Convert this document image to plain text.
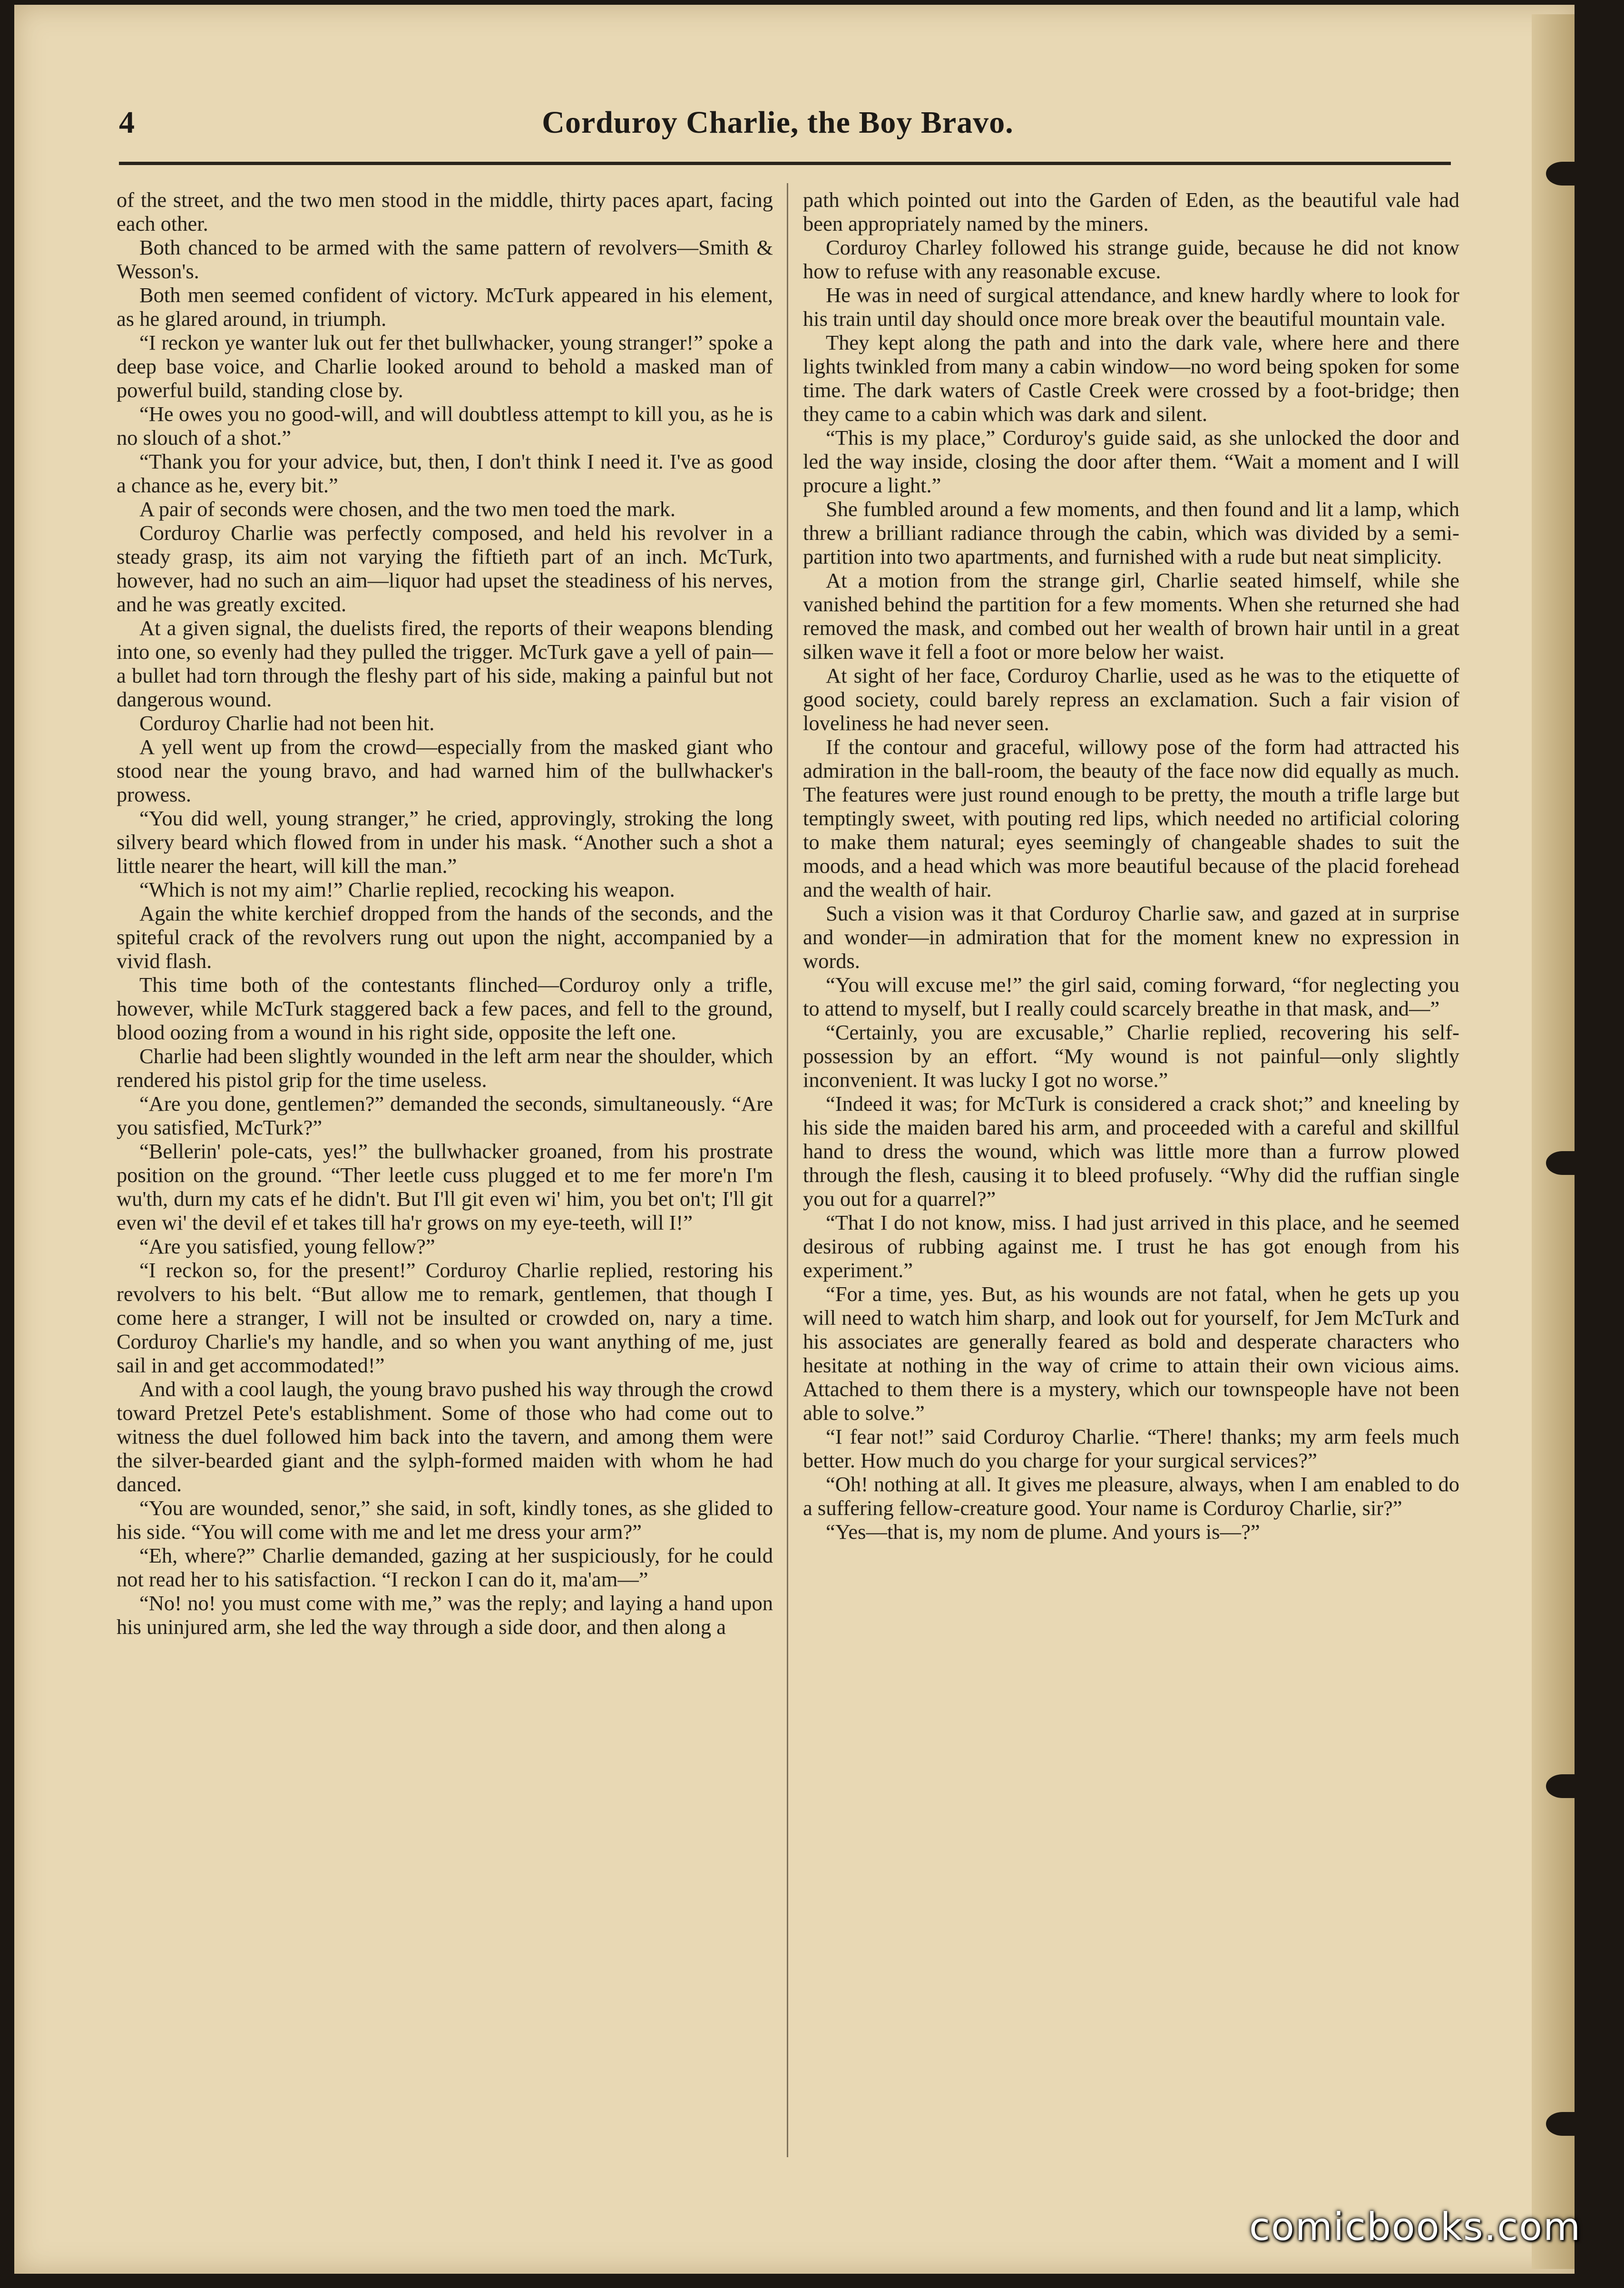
4	Corduroy Charlie, the Boy Bravo.

of the street, and the two men stood in the middle, thirty paces apart, facing each other.

Both chanced to be armed with the same pattern of revolvers—Smith & Wesson's.

Both men seemed confident of victory. McTurk appeared in his element, as he glared around, in triumph.

“I reckon ye wanter luk out fer thet bullwhacker, young stranger!” spoke a deep base voice, and Charlie looked around to behold a masked man of powerful build, standing close by.

“He owes you no good-will, and will doubtless attempt to kill you, as he is no slouch of a shot.”

“Thank you for your advice, but, then, I don't think I need it. I've as good a chance as he, every bit.”

A pair of seconds were chosen, and the two men toed the mark.

Corduroy Charlie was perfectly composed, and held his revolver in a steady grasp, its aim not varying the fiftieth part of an inch. McTurk, however, had no such an aim—liquor had upset the steadiness of his nerves, and he was greatly excited.

At a given signal, the duelists fired, the reports of their weapons blending into one, so evenly had they pulled the trigger. McTurk gave a yell of pain—a bullet had torn through the fleshy part of his side, making a painful but not dangerous wound.

Corduroy Charlie had not been hit.

A yell went up from the crowd—especially from the masked giant who stood near the young bravo, and had warned him of the bullwhacker's prowess.

“You did well, young stranger,” he cried, approvingly, stroking the long silvery beard which flowed from in under his mask. “Another such a shot a little nearer the heart, will kill the man.”

“Which is not my aim!” Charlie replied, recocking his weapon.

Again the white kerchief dropped from the hands of the seconds, and the spiteful crack of the revolvers rung out upon the night, accompanied by a vivid flash.

This time both of the contestants flinched—Corduroy only a trifle, however, while McTurk staggered back a few paces, and fell to the ground, blood oozing from a wound in his right side, opposite the left one.

Charlie had been slightly wounded in the left arm near the shoulder, which rendered his pistol grip for the time useless.

“Are you done, gentlemen?” demanded the seconds, simultaneously. “Are you satisfied, McTurk?”

“Bellerin' pole-cats, yes!” the bullwhacker groaned, from his prostrate position on the ground. “Ther leetle cuss plugged et to me fer more'n I'm wu'th, durn my cats ef he didn't. But I'll git even wi' him, you bet on't; I'll git even wi' the devil ef et takes till ha'r grows on my eye-teeth, will I!”

“Are you satisfied, young fellow?”

“I reckon so, for the present!” Corduroy Charlie replied, restoring his revolvers to his belt. “But allow me to remark, gentlemen, that though I come here a stranger, I will not be insulted or crowded on, nary a time. Corduroy Charlie's my handle, and so when you want anything of me, just sail in and get accommodated!”

And with a cool laugh, the young bravo pushed his way through the crowd toward Pretzel Pete's establishment. Some of those who had come out to witness the duel followed him back into the tavern, and among them were the silver-bearded giant and the sylph-formed maiden with whom he had danced.

“You are wounded, senor,” she said, in soft, kindly tones, as she glided to his side. “You will come with me and let me dress your arm?”

“Eh, where?” Charlie demanded, gazing at her suspiciously, for he could not read her to his satisfaction. “I reckon I can do it, ma'am—”

“No! no! you must come with me,” was the reply; and laying a hand upon his uninjured arm, she led the way through a side door, and then along a

path which pointed out into the Garden of Eden, as the beautiful vale had been appropriately named by the miners.

Corduroy Charley followed his strange guide, because he did not know how to refuse with any reasonable excuse.

He was in need of surgical attendance, and knew hardly where to look for his train until day should once more break over the beautiful mountain vale.

They kept along the path and into the dark vale, where here and there lights twinkled from many a cabin window—no word being spoken for some time. The dark waters of Castle Creek were crossed by a foot-bridge; then they came to a cabin which was dark and silent.

“This is my place,” Corduroy's guide said, as she unlocked the door and led the way inside, closing the door after them. “Wait a moment and I will procure a light.”

She fumbled around a few moments, and then found and lit a lamp, which threw a brilliant radiance through the cabin, which was divided by a semi-partition into two apartments, and furnished with a rude but neat simplicity.

At a motion from the strange girl, Charlie seated himself, while she vanished behind the partition for a few moments. When she returned she had removed the mask, and combed out her wealth of brown hair until in a great silken wave it fell a foot or more below her waist.

At sight of her face, Corduroy Charlie, used as he was to the etiquette of good society, could barely repress an exclamation. Such a fair vision of loveliness he had never seen.

If the contour and graceful, willowy pose of the form had attracted his admiration in the ball-room, the beauty of the face now did equally as much. The features were just round enough to be pretty, the mouth a trifle large but temptingly sweet, with pouting red lips, which needed no artificial coloring to make them natural; eyes seemingly of changeable shades to suit the moods, and a head which was more beautiful because of the placid forehead and the wealth of hair.

Such a vision was it that Corduroy Charlie saw, and gazed at in surprise and wonder—in admiration that for the moment knew no expression in words.

“You will excuse me!” the girl said, coming forward, “for neglecting you to attend to myself, but I really could scarcely breathe in that mask, and—”

“Certainly, you are excusable,” Charlie replied, recovering his self-possession by an effort. “My wound is not painful—only slightly inconvenient. It was lucky I got no worse.”

“Indeed it was; for McTurk is considered a crack shot;” and kneeling by his side the maiden bared his arm, and proceeded with a careful and skillful hand to dress the wound, which was little more than a furrow plowed through the flesh, causing it to bleed profusely. “Why did the ruffian single you out for a quarrel?”

“That I do not know, miss. I had just arrived in this place, and he seemed desirous of rubbing against me. I trust he has got enough from his experiment.”

“For a time, yes. But, as his wounds are not fatal, when he gets up you will need to watch him sharp, and look out for yourself, for Jem McTurk and his associates are generally feared as bold and desperate characters who hesitate at nothing in the way of crime to attain their own vicious aims. Attached to them there is a mystery, which our townspeople have not been able to solve.”

“I fear not!” said Corduroy Charlie. “There! thanks; my arm feels much better. How much do you charge for your surgical services?”

“Oh! nothing at all. It gives me pleasure, always, when I am enabled to do a suffering fellow-creature good. Your name is Corduroy Charlie, sir?”

“Yes—that is, my nom de plume. And yours is—?”

comicbooks.com
